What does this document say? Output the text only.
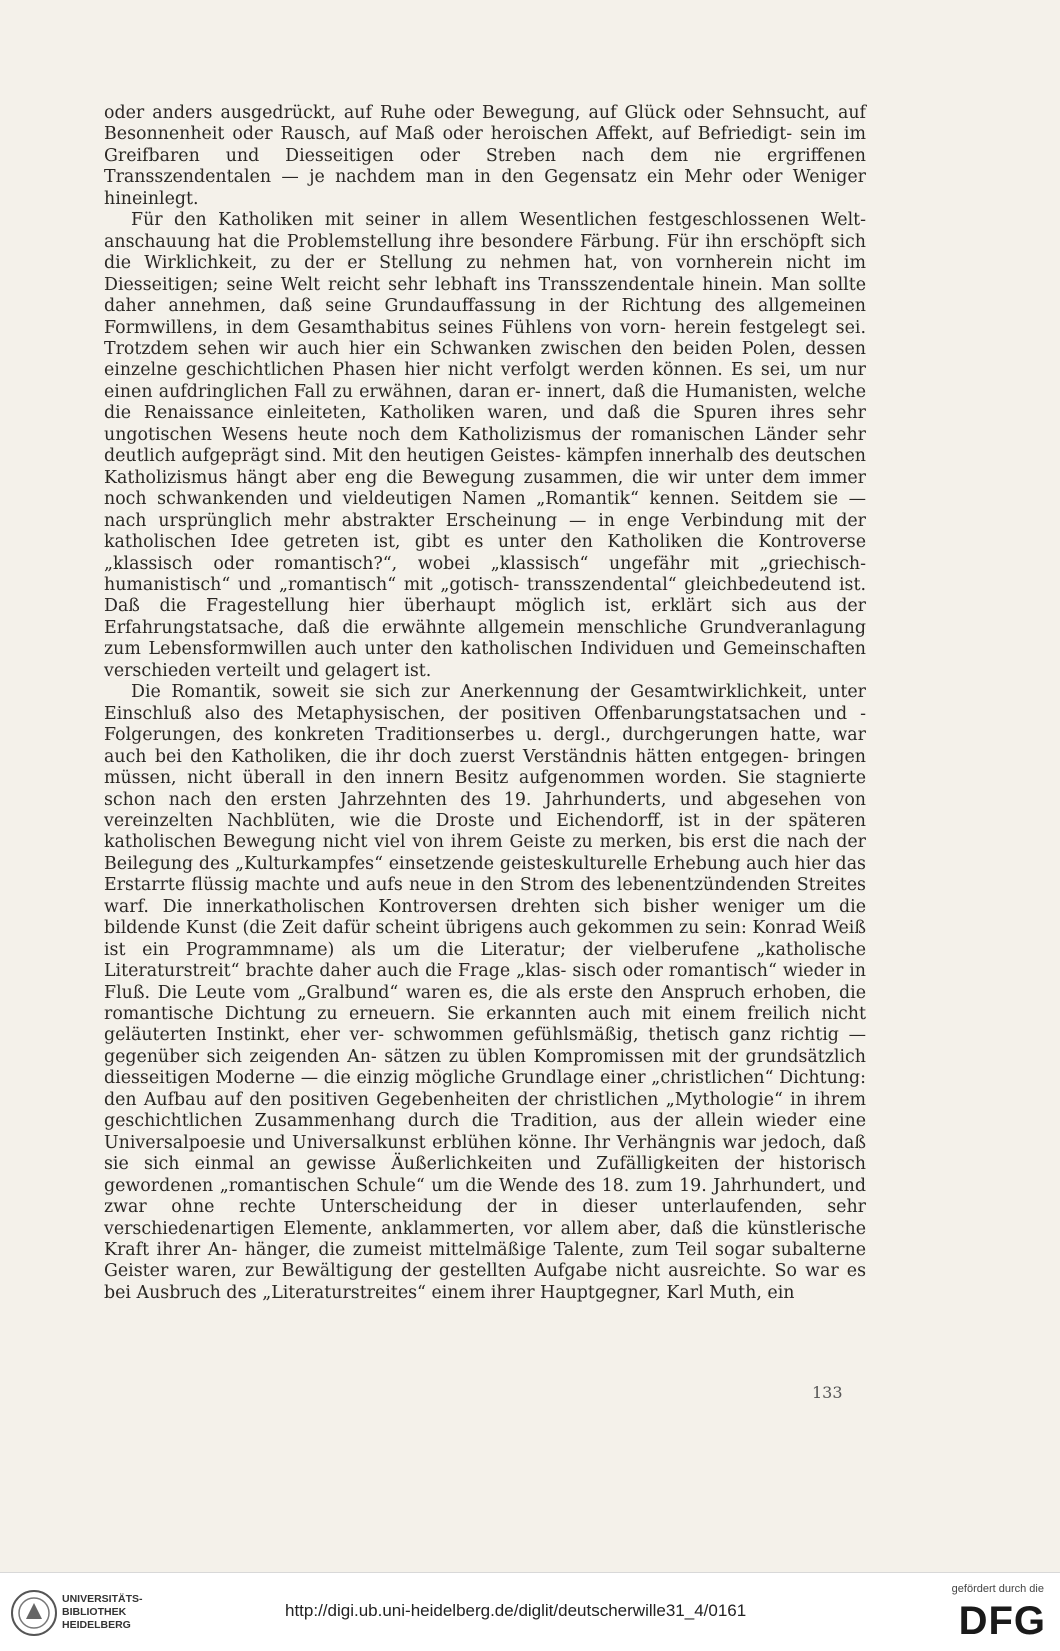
oder anders ausgedrückt, auf Ruhe oder Bewegung, auf Glück oder Sehnsucht, auf Besonnenheit oder Rausch, auf Maß oder heroischen Affekt, auf Befriedigt- sein im Greifbaren und Diesseitigen oder Streben nach dem nie ergriffenen Transszendentalen — je nachdem man in den Gegensatz ein Mehr oder Weniger hineinlegt.

Für den Katholiken mit seiner in allem Wesentlichen festgeschlossenen Welt- anschauung hat die Problemstellung ihre besondere Färbung. Für ihn erschöpft sich die Wirklichkeit, zu der er Stellung zu nehmen hat, von vornherein nicht im Diesseitigen; seine Welt reicht sehr lebhaft ins Transszendentale hinein. Man sollte daher annehmen, daß seine Grundauffassung in der Richtung des allgemeinen Formwillens, in dem Gesamthabitus seines Fühlens von vorn- herein festgelegt sei. Trotzdem sehen wir auch hier ein Schwanken zwischen den beiden Polen, dessen einzelne geschichtlichen Phasen hier nicht verfolgt werden können. Es sei, um nur einen aufdringlichen Fall zu erwähnen, daran er- innert, daß die Humanisten, welche die Renaissance einleiteten, Katholiken waren, und daß die Spuren ihres sehr ungotischen Wesens heute noch dem Katholizismus der romanischen Länder sehr deutlich aufgeprägt sind. Mit den heutigen Geistes- kämpfen innerhalb des deutschen Katholizismus hängt aber eng die Bewegung zusammen, die wir unter dem immer noch schwankenden und vieldeutigen Namen „Romantik“ kennen. Seitdem sie — nach ursprünglich mehr abstrakter Erscheinung — in enge Verbindung mit der katholischen Idee getreten ist, gibt es unter den Katholiken die Kontroverse „klassisch oder romantisch?“, wobei „klassisch“ ungefähr mit „griechisch-humanistisch“ und „romantisch“ mit „gotisch- transszendental“ gleichbedeutend ist. Daß die Fragestellung hier überhaupt möglich ist, erklärt sich aus der Erfahrungstatsache, daß die erwähnte allgemein menschliche Grundveranlagung zum Lebensformwillen auch unter den katholischen Individuen und Gemeinschaften verschieden verteilt und gelagert ist.

Die Romantik, soweit sie sich zur Anerkennung der Gesamtwirklichkeit, unter Einschluß also des Metaphysischen, der positiven Offenbarungstatsachen und -Folgerungen, des konkreten Traditionserbes u. dergl., durchgerungen hatte, war auch bei den Katholiken, die ihr doch zuerst Verständnis hätten entgegen- bringen müssen, nicht überall in den innern Besitz aufgenommen worden. Sie stagnierte schon nach den ersten Jahrzehnten des 19. Jahrhunderts, und abgesehen von vereinzelten Nachblüten, wie die Droste und Eichendorff, ist in der späteren katholischen Bewegung nicht viel von ihrem Geiste zu merken, bis erst die nach der Beilegung des „Kulturkampfes“ einsetzende geisteskulturelle Erhebung auch hier das Erstarrte flüssig machte und aufs neue in den Strom des lebenentzündenden Streites warf. Die innerkatholischen Kontroversen drehten sich bisher weniger um die bildende Kunst (die Zeit dafür scheint übrigens auch gekommen zu sein: Konrad Weiß ist ein Programmname) als um die Literatur; der vielberufene „katholische Literaturstreit“ brachte daher auch die Frage „klas- sisch oder romantisch“ wieder in Fluß. Die Leute vom „Gralbund“ waren es, die als erste den Anspruch erhoben, die romantische Dichtung zu erneuern. Sie erkannten auch mit einem freilich nicht geläuterten Instinkt, eher ver- schwommen gefühlsmäßig, thetisch ganz richtig — gegenüber sich zeigenden An- sätzen zu üblen Kompromissen mit der grundsätzlich diesseitigen Moderne — die einzig mögliche Grundlage einer „christlichen“ Dichtung: den Aufbau auf den positiven Gegebenheiten der christlichen „Mythologie“ in ihrem geschichtlichen Zusammenhang durch die Tradition, aus der allein wieder eine Universalpoesie und Universalkunst erblühen könne. Ihr Verhängnis war jedoch, daß sie sich einmal an gewisse Äußerlichkeiten und Zufälligkeiten der historisch gewordenen „romantischen Schule“ um die Wende des 18. zum 19. Jahrhundert, und zwar ohne rechte Unterscheidung der in dieser unterlaufenden, sehr verschiedenartigen Elemente, anklammerten, vor allem aber, daß die künstlerische Kraft ihrer An- hänger, die zumeist mittelmäßige Talente, zum Teil sogar subalterne Geister waren, zur Bewältigung der gestellten Aufgabe nicht ausreichte. So war es bei Ausbruch des „Literaturstreites“ einem ihrer Hauptgegner, Karl Muth, ein

133
UNIVERSITÄTS-
BIBLIOTHEK
HEIDELBERG
http://digi.ub.uni-heidelberg.de/diglit/deutscherwille31_4/0161
gefördert durch die
DFG
